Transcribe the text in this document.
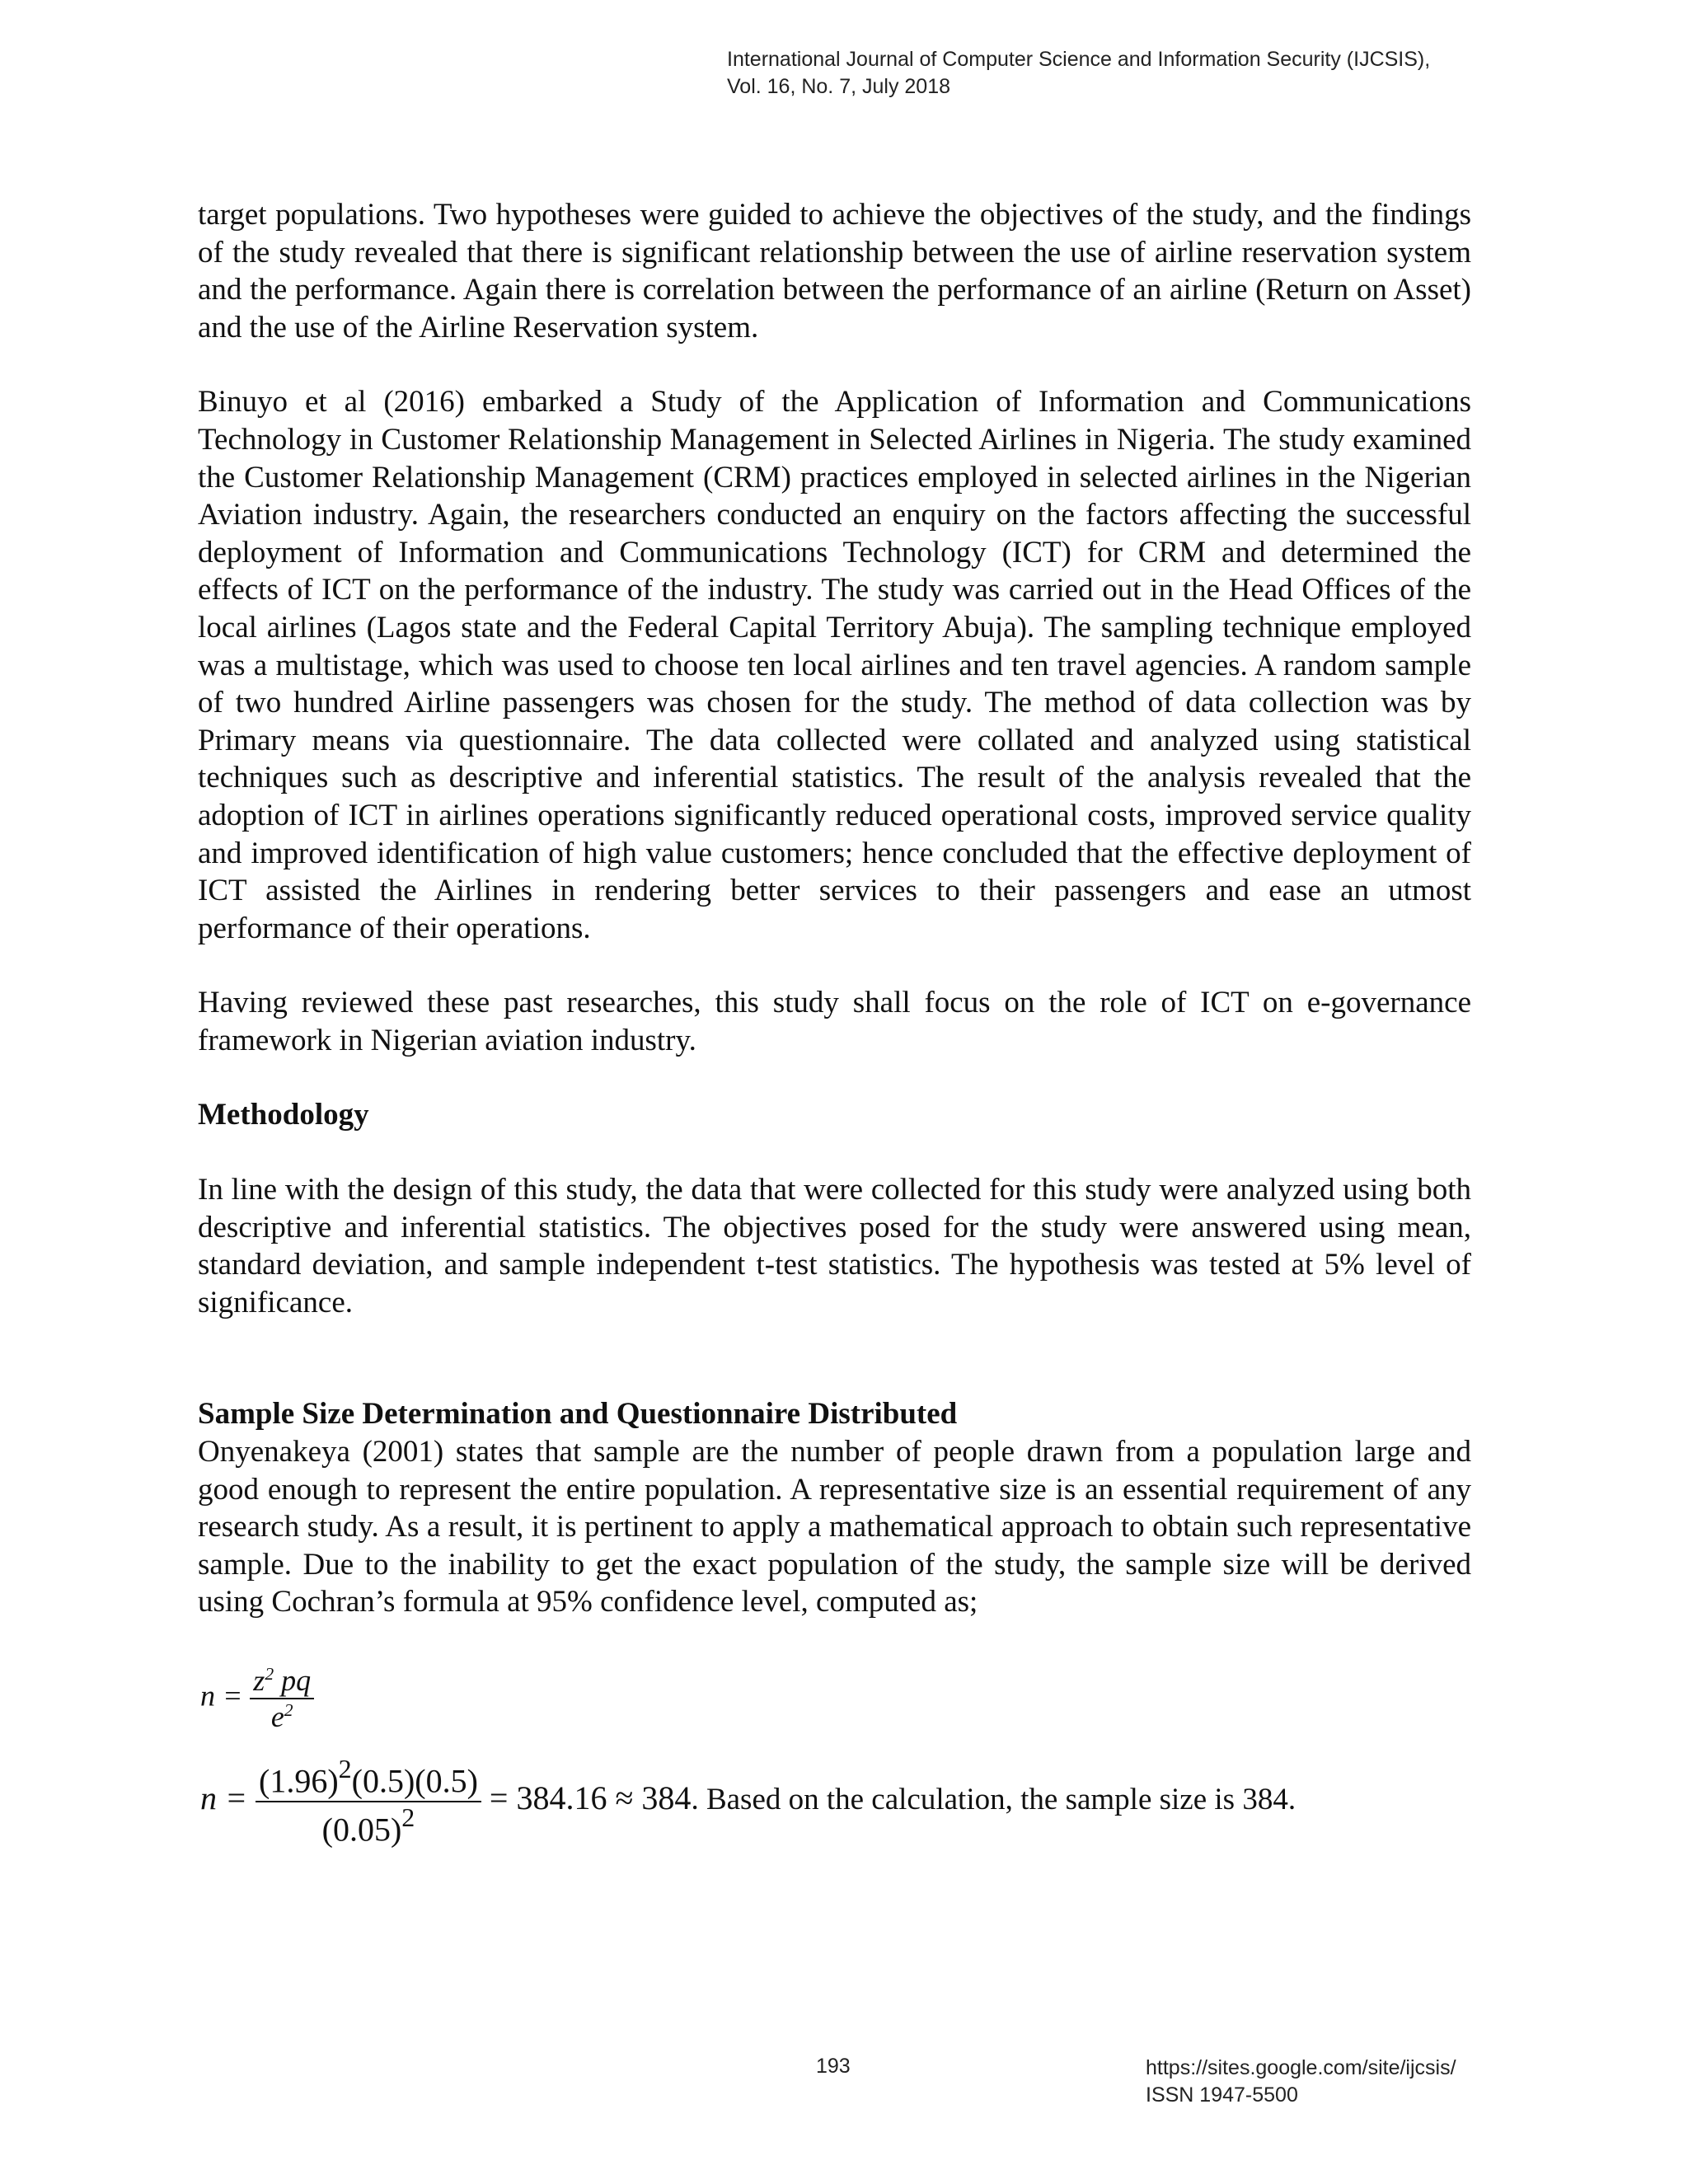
International Journal of Computer Science and Information Security (IJCSIS),
Vol. 16, No. 7, July 2018

target populations. Two hypotheses were guided to achieve the objectives of the study, and the findings of the study revealed that there is significant relationship between the use of airline reservation system and the performance. Again there is correlation between the performance of an airline (Return on Asset) and the use of the Airline Reservation system.

Binuyo et al (2016) embarked a Study of the Application of Information and Communications Technology in Customer Relationship Management in Selected Airlines in Nigeria. The study examined the Customer Relationship Management (CRM) practices employed in selected airlines in the Nigerian Aviation industry. Again, the researchers conducted an enquiry on the factors affecting the successful deployment of Information and Communications Technology (ICT) for CRM and determined the effects of ICT on the performance of the industry. The study was carried out in the Head Offices of the local airlines (Lagos state and the Federal Capital Territory Abuja). The sampling technique employed was a multistage, which was used to choose ten local airlines and ten travel agencies. A random sample of two hundred Airline passengers was chosen for the study. The method of data collection was by Primary means via questionnaire. The data collected were collated and analyzed using statistical techniques such as descriptive and inferential statistics. The result of the analysis revealed that the adoption of ICT in airlines operations significantly reduced operational costs, improved service quality and improved identification of high value customers; hence concluded that the effective deployment of ICT assisted the Airlines in rendering better services to their passengers and ease an utmost performance of their operations.

Having reviewed these past researches, this study shall focus on the role of ICT on e-governance framework in Nigerian aviation industry.

Methodology

In line with the design of this study, the data that were collected for this study were analyzed using both descriptive and inferential statistics. The objectives posed for the study were answered using mean, standard deviation, and sample independent t-test statistics. The hypothesis was tested at 5% level of significance.

Sample Size Determination and Questionnaire Distributed

Onyenakeya (2001) states that sample are the number of people drawn from a population large and good enough to represent the entire population. A representative size is an essential requirement of any research study. As a result, it is pertinent to apply a mathematical approach to obtain such representative sample. Due to the inability to get the exact population of the study, the sample size will be derived using Cochran’s formula at 95% confidence level, computed as;

$n = \frac{z^2 pq}{e^2}$
$n = \frac{(1.96)^2(0.5)(0.5)}{(0.05)^2} = 384.16 \approx 384$. Based on the calculation, the sample size is 384.
193	https://sites.google.com/site/ijcsis/
ISSN 1947-5500
